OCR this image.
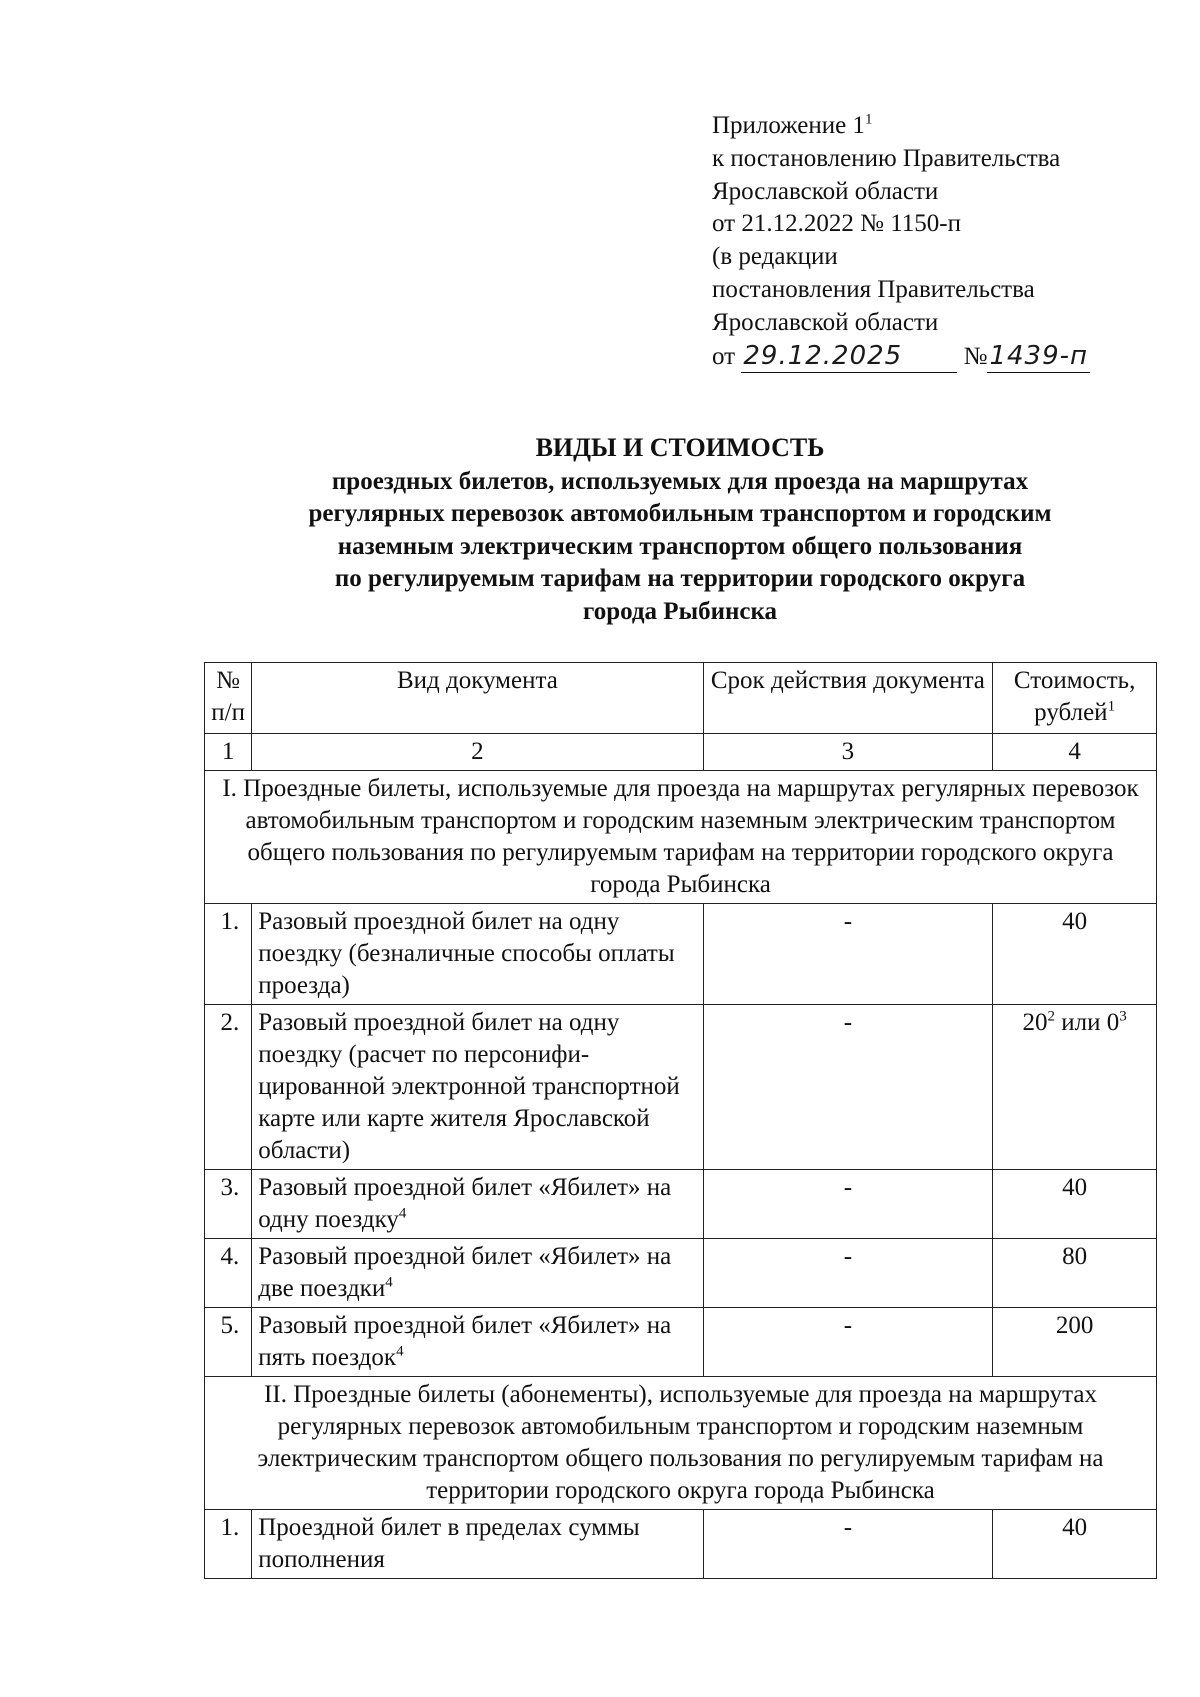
Приложение $1^1$
к постановлению Правительства
Ярославской области
от 21.12.2022 № 1150-п
(в редакции
постановления Правительства
Ярославской области
от 29.12.2025 №1439-п
ВИДЫ И СТОИМОСТЬ
проездных билетов, используемых для проезда на маршрутах
регулярных перевозок автомобильным транспортом и городским
наземным электрическим транспортом общего пользования
по регулируемым тарифам на территории городского округа
города Рыбинска
№
п/п	Вид документа	Срок действия документа	Стоимость, рублей$^1$
1	2	3	4
I. Проездные билеты, используемые для проезда на маршрутах регулярных перевозок автомобильным транспортом и городским наземным электрическим транспортом общего пользования по регулируемым тарифам на территории городского округа города Рыбинска			
1.	Разовый проездной билет на одну поездку (безналичные способы оплаты проезда)	-	40
2.	Разовый проездной билет на одну поездку (расчет по персонифицированной электронной транспортной карте или карте жителя Ярославской области)	-	$20^2$ или $0^3$
3.	Разовый проездной билет «Ябилет» на одну поездку$^4$	-	40
4.	Разовый проездной билет «Ябилет» на две поездки$^4$	-	80
5.	Разовый проездной билет «Ябилет» на пять поездок$^4$	-	200
II. Проездные билеты (абонементы), используемые для проезда на маршрутах регулярных перевозок автомобильным транспортом и городским наземным электрическим транспортом общего пользования по регулируемым тарифам на территории городского округа города Рыбинска			
1.	Проездной билет в пределах суммы пополнения	-	40
